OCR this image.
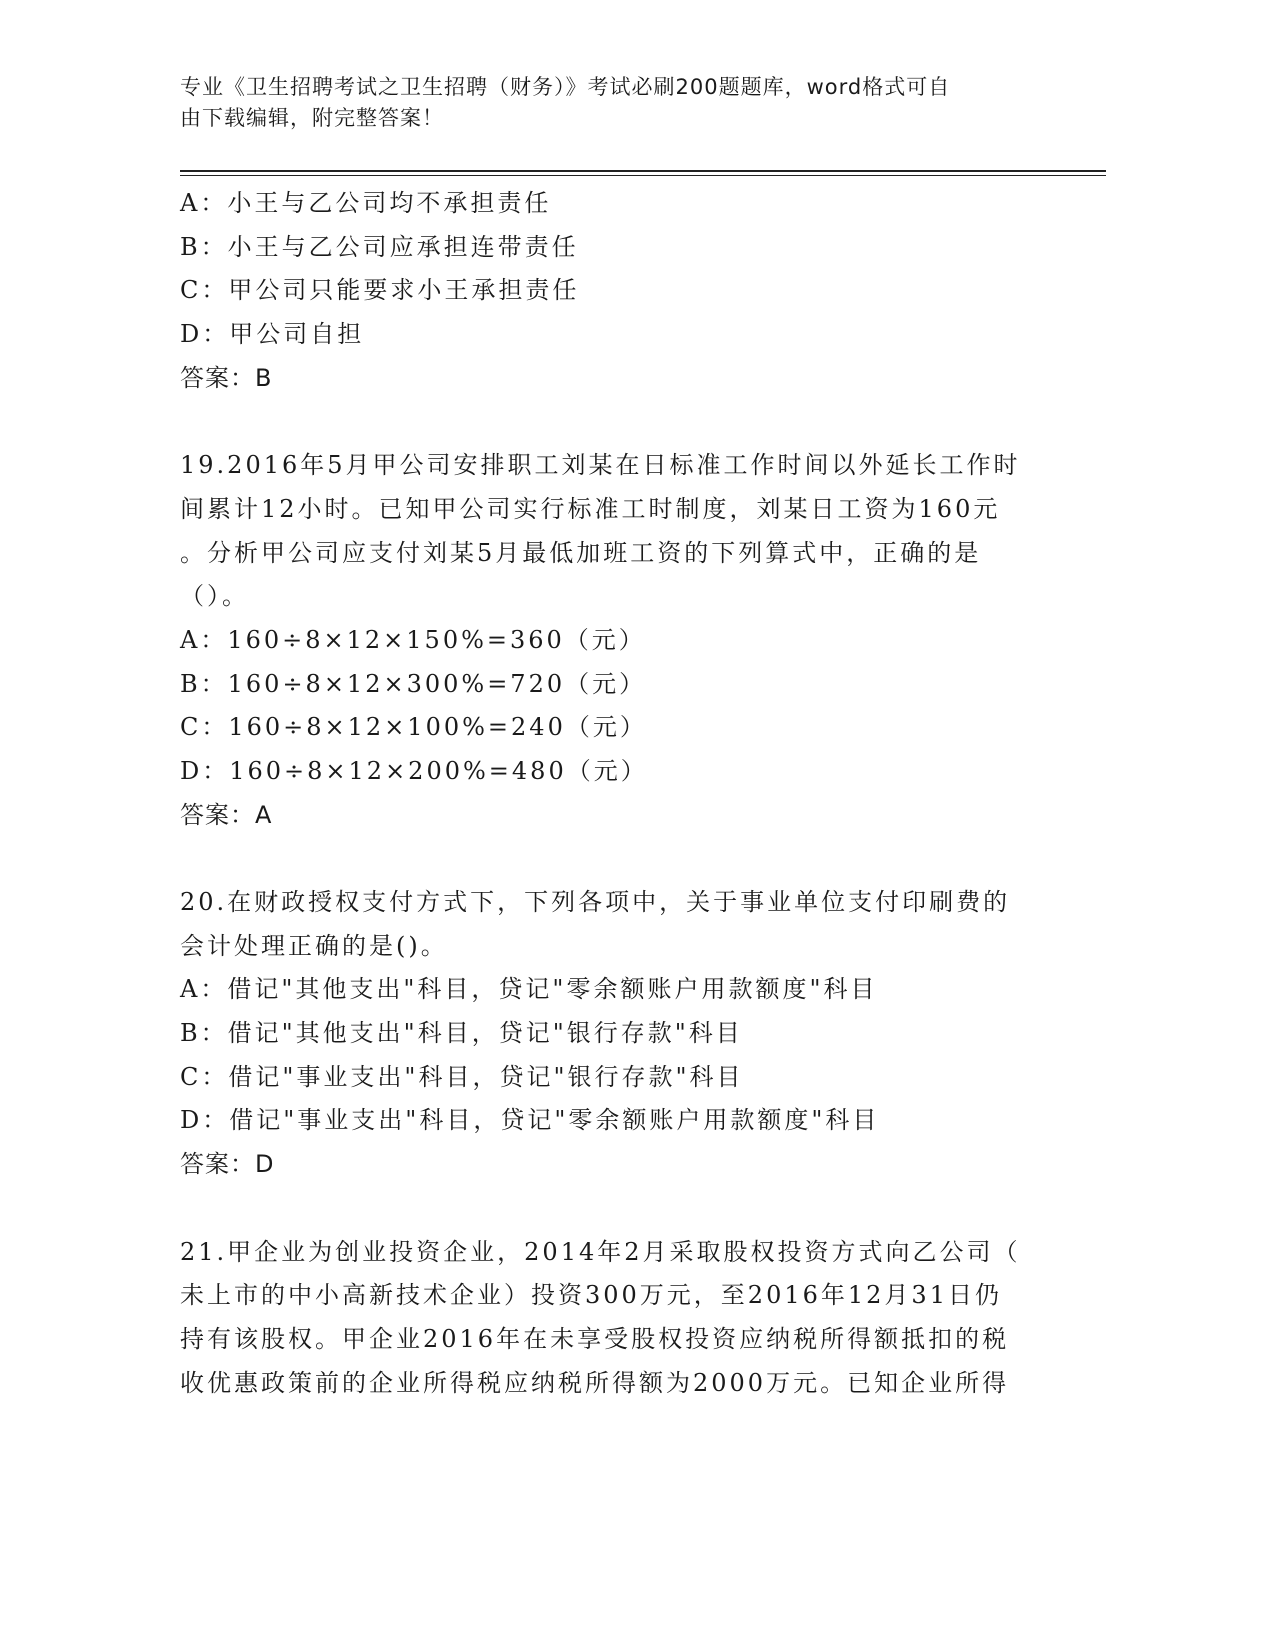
专业《卫生招聘考试之卫生招聘（财务）》考试必刷200题题库，word格式可自
由下载编辑，附完整答案！
A：小王与乙公司均不承担责任
B：小王与乙公司应承担连带责任
C：甲公司只能要求小王承担责任
D：甲公司自担
答案：B
19.2016年5月甲公司安排职工刘某在日标准工作时间以外延长工作时
间累计12小时。已知甲公司实行标准工时制度，刘某日工资为160元
。分析甲公司应支付刘某5月最低加班工资的下列算式中，正确的是
（）。
A：160÷8×12×150%=360（元）
B：160÷8×12×300%=720（元）
C：160÷8×12×100%=240（元）
D：160÷8×12×200%=480（元）
答案：A
20.在财政授权支付方式下，下列各项中，关于事业单位支付印刷费的
会计处理正确的是()。
A：借记"其他支出"科目，贷记"零余额账户用款额度"科目
B：借记"其他支出"科目，贷记"银行存款"科目
C：借记"事业支出"科目，贷记"银行存款"科目
D：借记"事业支出"科目，贷记"零余额账户用款额度"科目
答案：D
21.甲企业为创业投资企业，2014年2月采取股权投资方式向乙公司（
未上市的中小高新技术企业）投资300万元，至2016年12月31日仍
持有该股权。甲企业2016年在未享受股权投资应纳税所得额抵扣的税
收优惠政策前的企业所得税应纳税所得额为2000万元。已知企业所得
